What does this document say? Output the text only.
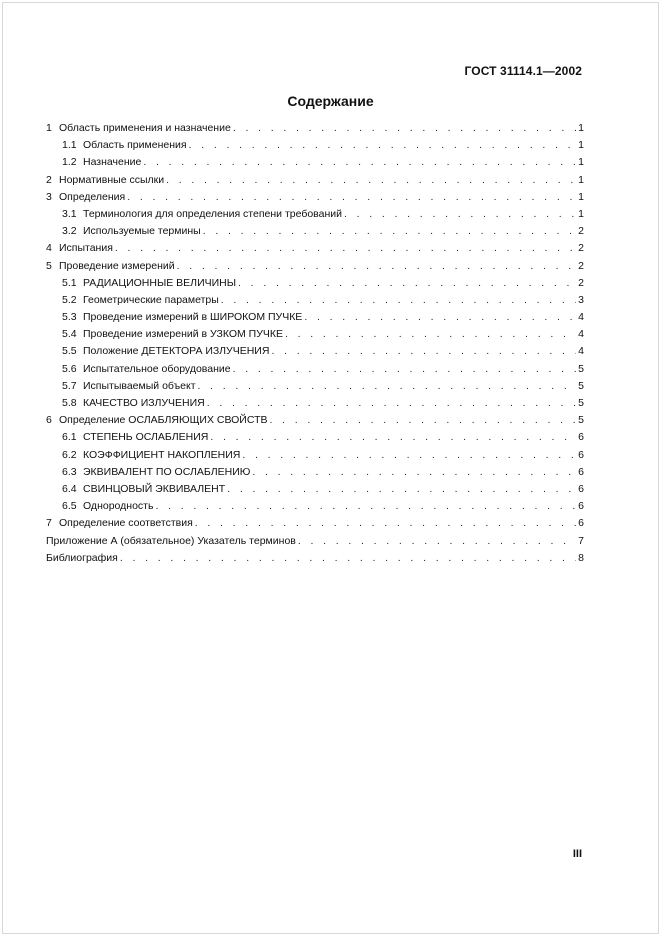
ГОСТ 31114.1—2002
Содержание
1 Область применения и назначение . . .	1
1.1 Область применения . . .	1
1.2 Назначение . . .	1
2 Нормативные ссылки . . .	1
3 Определения . . .	1
3.1 Терминология для определения степени требований . . .	1
3.2 Используемые термины . . .	2
4 Испытания . . .	2
5 Проведение измерений . . .	2
5.1 РАДИАЦИОННЫЕ ВЕЛИЧИНЫ . . .	2
5.2 Геометрические параметры . . .	3
5.3 Проведение измерений в ШИРОКОМ ПУЧКЕ . . .	4
5.4 Проведение измерений в УЗКОМ ПУЧКЕ . . .	4
5.5 Положение ДЕТЕКТОРА ИЗЛУЧЕНИЯ . . .	4
5.6 Испытательное оборудование . . .	5
5.7 Испытываемый объект . . .	5
5.8 КАЧЕСТВО ИЗЛУЧЕНИЯ . . .	5
6 Определение ОСЛАБЛЯЮЩИХ СВОЙСТВ . . .	5
6.1 СТЕПЕНЬ ОСЛАБЛЕНИЯ . . .	6
6.2 КОЭФФИЦИЕНТ НАКОПЛЕНИЯ . . .	6
6.3 ЭКВИВАЛЕНТ ПО ОСЛАБЛЕНИЮ . . .	6
6.4 СВИНЦОВЫЙ ЭКВИВАЛЕНТ . . .	6
6.5 Однородность . . .	6
7 Определение соответствия . . .	6
Приложение А (обязательное) Указатель терминов . . .	7
Библиография . . .	8
III
